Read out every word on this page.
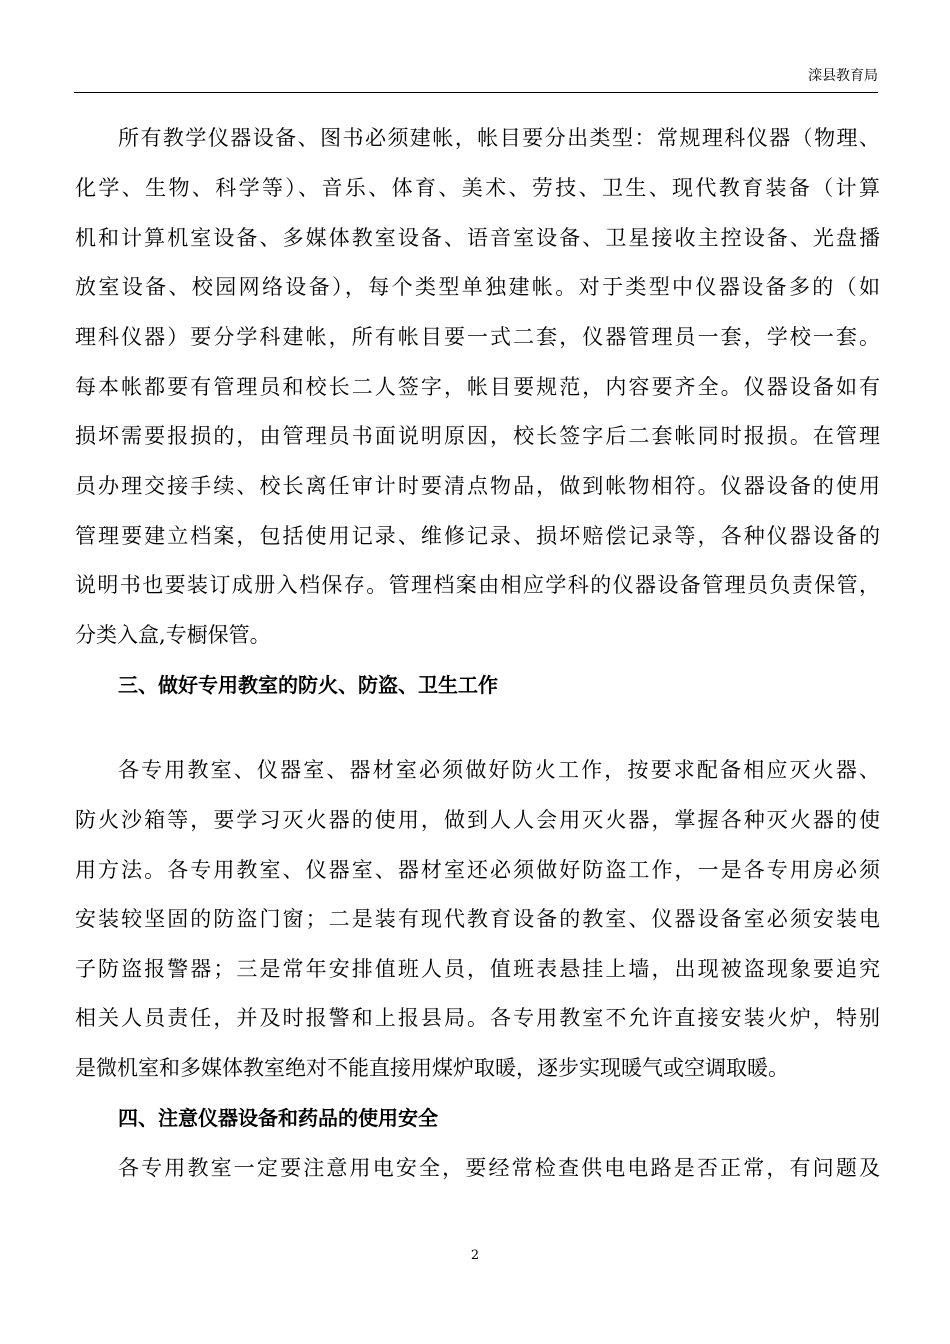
滦县教育局
所有教学仪器设备、图书必须建帐，帐目要分出类型：常规理科仪器（物理、
化学、生物、科学等）、音乐、体育、美术、劳技、卫生、现代教育装备（计算
机和计算机室设备、多媒体教室设备、语音室设备、卫星接收主控设备、光盘播
放室设备、校园网络设备），每个类型单独建帐。对于类型中仪器设备多的（如
理科仪器）要分学科建帐，所有帐目要一式二套，仪器管理员一套，学校一套。
每本帐都要有管理员和校长二人签字，帐目要规范，内容要齐全。仪器设备如有
损坏需要报损的，由管理员书面说明原因，校长签字后二套帐同时报损。在管理
员办理交接手续、校长离任审计时要清点物品，做到帐物相符。仪器设备的使用
管理要建立档案，包括使用记录、维修记录、损坏赔偿记录等，各种仪器设备的
说明书也要装订成册入档保存。管理档案由相应学科的仪器设备管理员负责保管，
分类入盒,专橱保管。
三、做好专用教室的防火、防盗、卫生工作
各专用教室、仪器室、器材室必须做好防火工作，按要求配备相应灭火器、
防火沙箱等，要学习灭火器的使用，做到人人会用灭火器，掌握各种灭火器的使
用方法。各专用教室、仪器室、器材室还必须做好防盗工作，一是各专用房必须
安装较坚固的防盗门窗；二是装有现代教育设备的教室、仪器设备室必须安装电
子防盗报警器；三是常年安排值班人员，值班表悬挂上墙，出现被盗现象要追究
相关人员责任，并及时报警和上报县局。各专用教室不允许直接安装火炉，特别
是微机室和多媒体教室绝对不能直接用煤炉取暖，逐步实现暖气或空调取暖。
四、注意仪器设备和药品的使用安全
各专用教室一定要注意用电安全，要经常检查供电电路是否正常，有问题及
2
